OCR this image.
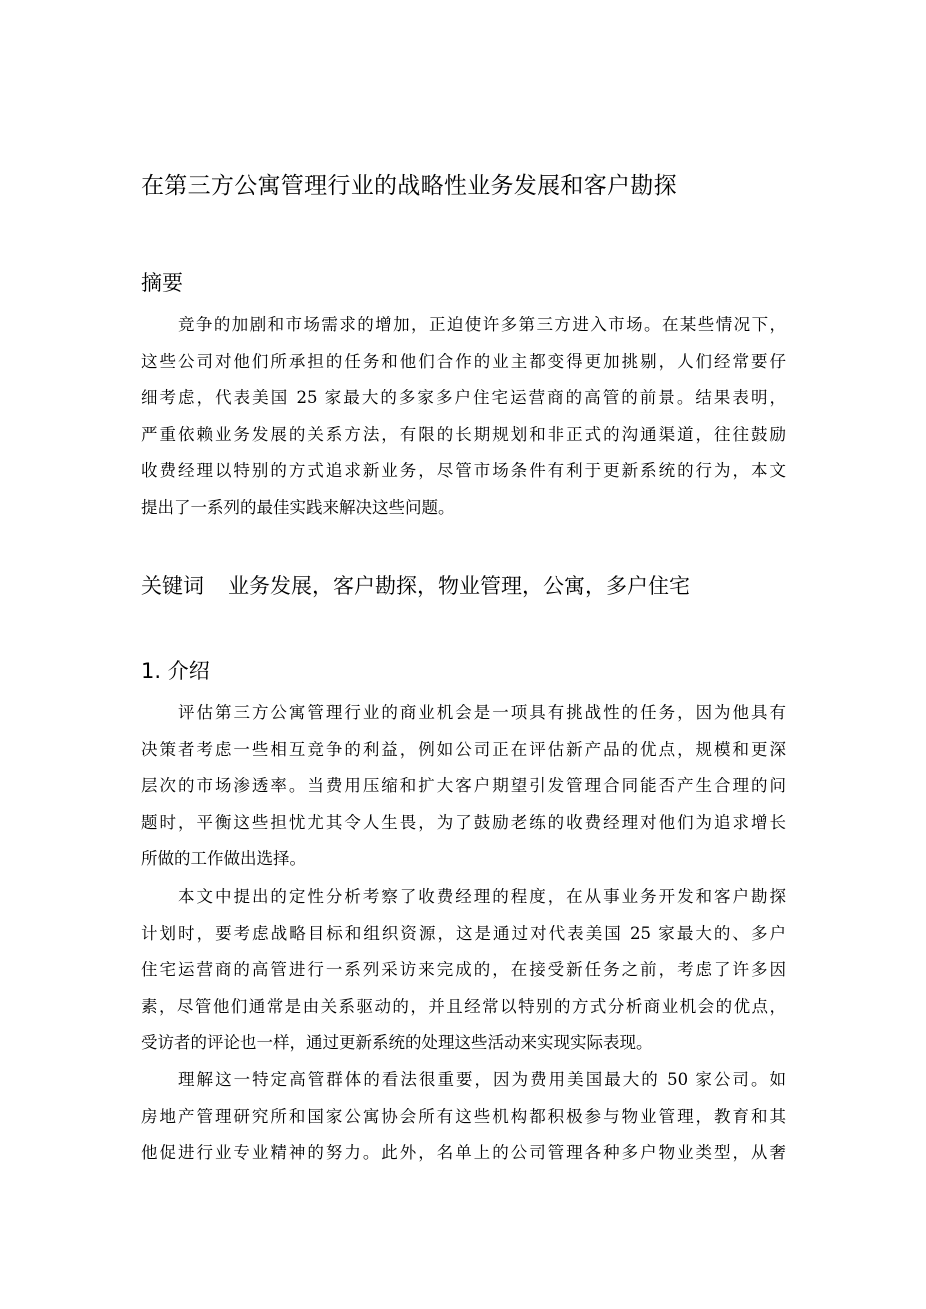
在第三方公寓管理行业的战略性业务发展和客户勘探
摘要
竞争的加剧和市场需求的增加，正迫使许多第三方进入市场。在某些情况下，
这些公司对他们所承担的任务和他们合作的业主都变得更加挑剔，人们经常要仔
细考虑，代表美国 25 家最大的多家多户住宅运营商的高管的前景。结果表明，
严重依赖业务发展的关系方法，有限的长期规划和非正式的沟通渠道，往往鼓励
收费经理以特别的方式追求新业务，尽管市场条件有利于更新系统的行为，本文
提出了一系列的最佳实践来解决这些问题。
关键词 业务发展，客户勘探，物业管理，公寓，多户住宅
1. 介绍
评估第三方公寓管理行业的商业机会是一项具有挑战性的任务，因为他具有
决策者考虑一些相互竞争的利益，例如公司正在评估新产品的优点，规模和更深
层次的市场渗透率。当费用压缩和扩大客户期望引发管理合同能否产生合理的问
题时，平衡这些担忧尤其令人生畏，为了鼓励老练的收费经理对他们为追求增长
所做的工作做出选择。
本文中提出的定性分析考察了收费经理的程度，在从事业务开发和客户勘探
计划时，要考虑战略目标和组织资源，这是通过对代表美国 25 家最大的、多户
住宅运营商的高管进行一系列采访来完成的，在接受新任务之前，考虑了许多因
素，尽管他们通常是由关系驱动的，并且经常以特别的方式分析商业机会的优点，
受访者的评论也一样，通过更新系统的处理这些活动来实现实际表现。
理解这一特定高管群体的看法很重要，因为费用美国最大的 50 家公司。如
房地产管理研究所和国家公寓协会所有这些机构都积极参与物业管理，教育和其
他促进行业专业精神的努力。此外，名单上的公司管理各种多户物业类型，从奢
